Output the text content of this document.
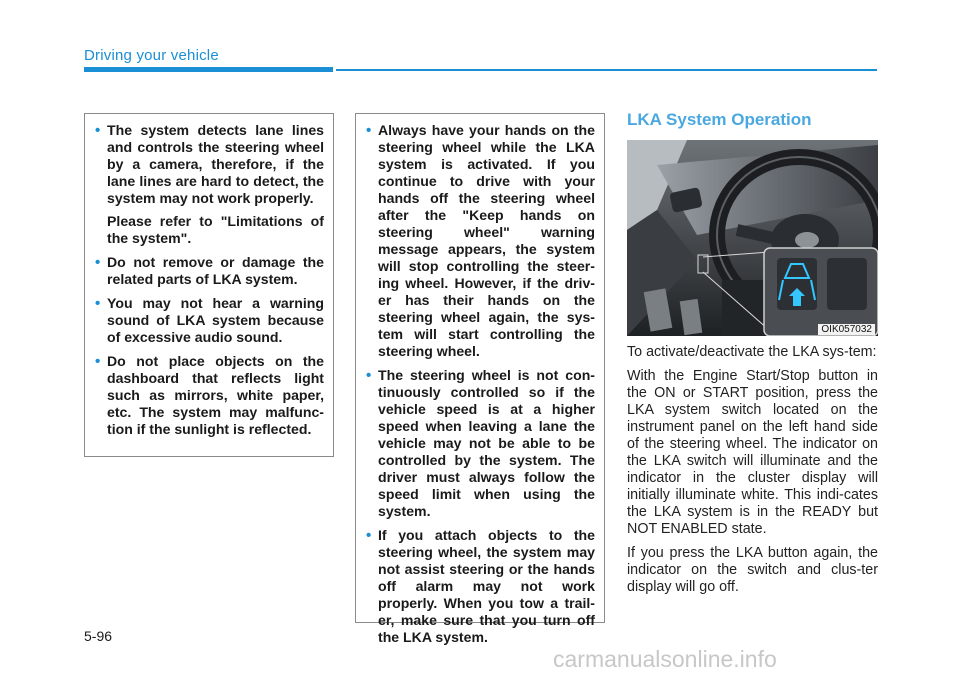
Driving your vehicle
• The system detects lane lines and controls the steering wheel by a camera, therefore, if the lane lines are hard to detect, the system may not work properly.
Please refer to "Limitations of the system".
• Do not remove or damage the related parts of LKA system.
• You may not hear a warning sound of LKA system because of excessive audio sound.
• Do not place objects on the dashboard that reflects light such as mirrors, white paper, etc. The system may malfunc-tion if the sunlight is reflected.
• Always have your hands on the steering wheel while the LKA system is activated. If you continue to drive with your hands off the steering wheel after the "Keep hands on steering wheel" warning message appears, the system will stop controlling the steer-ing wheel. However, if the driv-er has their hands on the steering wheel again, the sys-tem will start controlling the steering wheel.
• The steering wheel is not con-tinuously controlled so if the vehicle speed is at a higher speed when leaving a lane the vehicle may not be able to be controlled by the system. The driver must always follow the speed limit when using the system.
• If you attach objects to the steering wheel, the system may not assist steering or the hands off alarm may not work properly. When you tow a trail-er, make sure that you turn off the LKA system.
LKA System Operation
OIK057032

To activate/deactivate the LKA sys-tem:

With the Engine Start/Stop button in the ON or START position, press the LKA system switch located on the instrument panel on the left hand side of the steering wheel. The indicator on the LKA switch will illuminate and the indicator in the cluster display will initially illuminate white. This indi-cates the LKA system is in the READY but NOT ENABLED state.

If you press the LKA button again, the indicator on the switch and clus-ter display will go off.

5-96
carmanualsonline.info
